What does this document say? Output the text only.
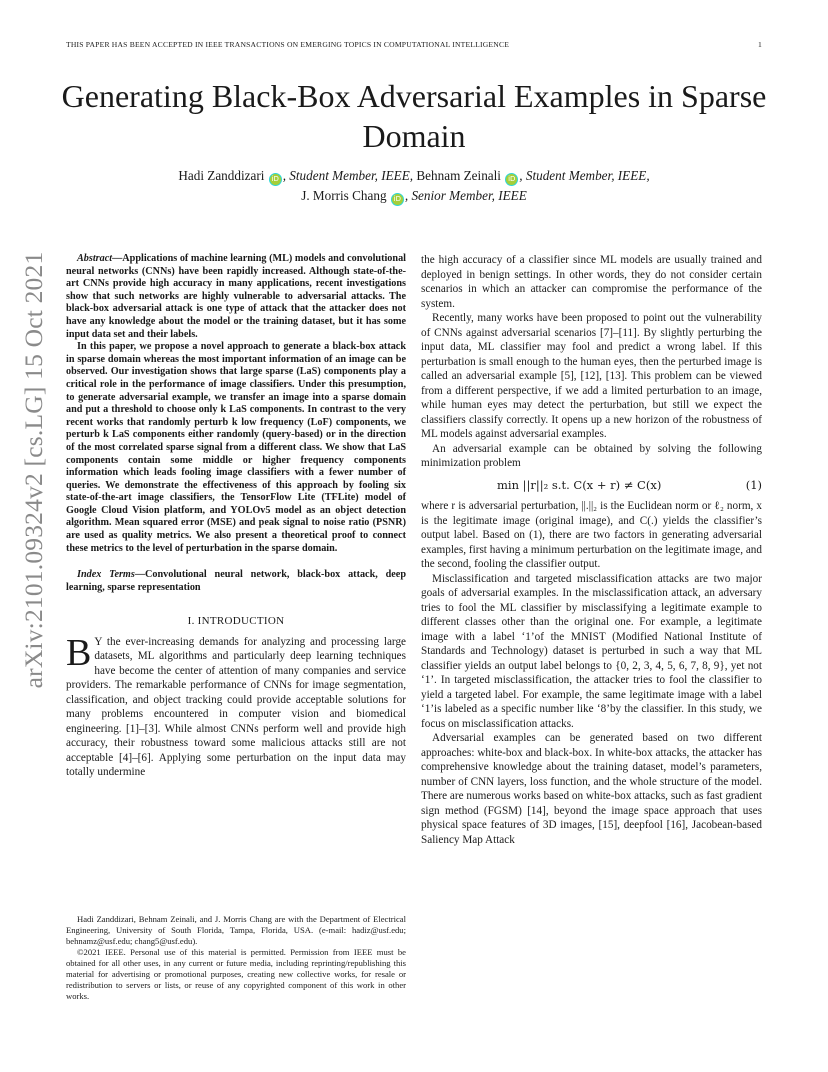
THIS PAPER HAS BEEN ACCEPTED IN IEEE TRANSACTIONS ON EMERGING TOPICS IN COMPUTATIONAL INTELLIGENCE	1
arXiv:2101.09324v2 [cs.LG] 15 Oct 2021
Generating Black-Box Adversarial Examples in Sparse Domain
Hadi Zanddizari iD , Student Member, IEEE, Behnam Zeinali iD , Student Member, IEEE,
J. Morris Chang iD , Senior Member, IEEE

Abstract—Applications of machine learning (ML) models and convolutional neural networks (CNNs) have been rapidly increased. Although state-of-the-art CNNs provide high accuracy in many applications, recent investigations show that such networks are highly vulnerable to adversarial attacks. The black-box adversarial attack is one type of attack that the attacker does not have any knowledge about the model or the training dataset, but it has some input data set and their labels.

In this paper, we propose a novel approach to generate a black-box attack in sparse domain whereas the most important information of an image can be observed. Our investigation shows that large sparse (LaS) components play a critical role in the performance of image classifiers. Under this presumption, to generate adversarial example, we transfer an image into a sparse domain and put a threshold to choose only k LaS components. In contrast to the very recent works that randomly perturb k low frequency (LoF) components, we perturb k LaS components either randomly (query-based) or in the direction of the most correlated sparse signal from a different class. We show that LaS components contain some middle or higher frequency components information which leads fooling image classifiers with a fewer number of queries. We demonstrate the effectiveness of this approach by fooling six state-of-the-art image classifiers, the TensorFlow Lite (TFLite) model of Google Cloud Vision platform, and YOLOv5 model as an object detection algorithm. Mean squared error (MSE) and peak signal to noise ratio (PSNR) are used as quality metrics. We also present a theoretical proof to connect these metrics to the level of perturbation in the sparse domain.

Index Terms—Convolutional neural network, black-box attack, deep learning, sparse representation

I. INTRODUCTION

B Y the ever-increasing demands for analyzing and processing large datasets, ML algorithms and particularly deep learning techniques have become the center of attention of many companies and service providers. The remarkable performance of CNNs for image segmentation, classification, and object tracking could provide acceptable solutions for many problems encountered in computer vision and biomedical engineering. [1]–[3]. While almost CNNs perform well and provide high accuracy, their robustness toward some malicious attacks still are not acceptable [4]–[6]. Applying some perturbation on the input data may totally undermine

Hadi Zanddizari, Behnam Zeinali, and J. Morris Chang are with the Department of Electrical Engineering, University of South Florida, Tampa, Florida, USA. (e-mail: hadiz@usf.edu; behnamz@usf.edu; chang5@usf.edu).

©2021 IEEE. Personal use of this material is permitted. Permission from IEEE must be obtained for all other uses, in any current or future media, including reprinting/republishing this material for advertising or promotional purposes, creating new collective works, for resale or redistribution to servers or lists, or reuse of any copyrighted component of this work in other works.

the high accuracy of a classifier since ML models are usually trained and deployed in benign settings. In other words, they do not consider certain scenarios in which an attacker can compromise the performance of the system.

Recently, many works have been proposed to point out the vulnerability of CNNs against adversarial scenarios [7]–[11]. By slightly perturbing the input data, ML classifier may fool and predict a wrong label. If this perturbation is small enough to the human eyes, then the perturbed image is called an adversarial example [5], [12], [13]. This problem can be viewed from a different perspective, if we add a limited perturbation to an image, while human eyes may detect the perturbation, but still we expect the classifiers classify correctly. It opens up a new horizon of the robustness of ML models against adversarial examples.

An adversarial example can be obtained by solving the following minimization problem

min ||r||₂ s.t. C(x + r) ≠ C(x)	(1)

where r is adversarial perturbation, ||.||₂ is the Euclidean norm or ℓ₂ norm, x is the legitimate image (original image), and C(.) yields the classifier’s output label. Based on (1), there are two factors in generating adversarial examples, first having a minimum perturbation on the legitimate image, and the second, fooling the classifier output.

Misclassification and targeted misclassification attacks are two major goals of adversarial examples. In the misclassification attack, an adversary tries to fool the ML classifier by misclassifying a legitimate example to different classes other than the original one. For example, a legitimate image with a label ‘1’of the MNIST (Modified National Institute of Standards and Technology) dataset is perturbed in such a way that ML classifier yields an output label belongs to {0, 2, 3, 4, 5, 6, 7, 8, 9}, yet not ‘1’. In targeted misclassification, the attacker tries to fool the classifier to yield a targeted label. For example, the same legitimate image with a label ‘1’is labeled as a specific number like ‘8’by the classifier. In this study, we focus on misclassification attacks.

Adversarial examples can be generated based on two different approaches: white-box and black-box. In white-box attacks, the attacker has comprehensive knowledge about the training dataset, model’s parameters, number of CNN layers, loss function, and the whole structure of the model. There are numerous works based on white-box attacks, such as fast gradient sign method (FGSM) [14], beyond the image space approach that uses physical space features of 3D images, [15], deepfool [16], Jacobean-based Saliency Map Attack
